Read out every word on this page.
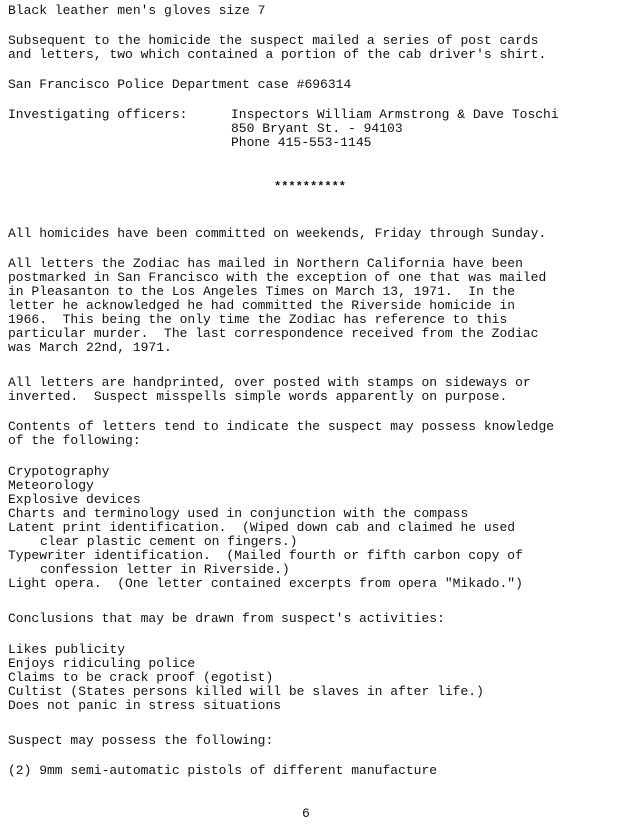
Black leather men's gloves size 7

Subsequent to the homicide the suspect mailed a series of post cards
and letters, two which contained a portion of the cab driver's shirt.

San Francisco Police Department case #696314

Investigating officers:	Inspectors William Armstrong & Dave Toschi
850 Bryant St. - 94103
Phone 415-553-1145
**********

All homicides have been committed on weekends, Friday through Sunday.

All letters the Zodiac has mailed in Northern California have been
postmarked in San Francisco with the exception of one that was mailed
in Pleasanton to the Los Angeles Times on March 13, 1971.  In the
letter he acknowledged he had committed the Riverside homicide in
1966.  This being the only time the Zodiac has reference to this
particular murder.  The last correspondence received from the Zodiac
was March 22nd, 1971.

All letters are handprinted, over posted with stamps on sideways or
inverted.  Suspect misspells simple words apparently on purpose.

Contents of letters tend to indicate the suspect may possess knowledge
of the following:

Crypotography
Meteorology
Explosive devices
Charts and terminology used in conjunction with the compass
Latent print identification.  (Wiped down cab and claimed he used
clear plastic cement on fingers.)
Typewriter identification.  (Mailed fourth or fifth carbon copy of
confession letter in Riverside.)
Light opera.  (One letter contained excerpts from opera "Mikado.")

Conclusions that may be drawn from suspect's activities:

Likes publicity
Enjoys ridiculing police
Claims to be crack proof (egotist)
Cultist (States persons killed will be slaves in after life.)
Does not panic in stress situations

Suspect may possess the following:

(2) 9mm semi-automatic pistols of different manufacture

6
